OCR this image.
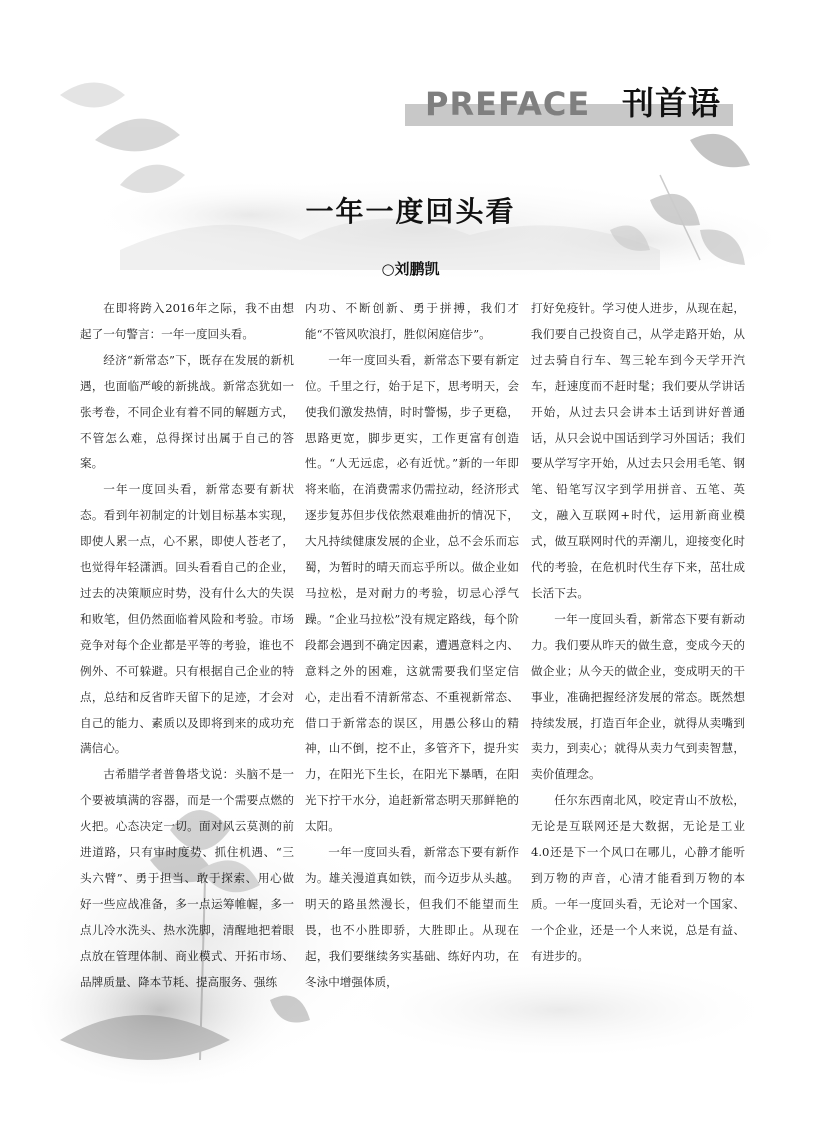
PREFACE 刊首语
一年一度回头看
○刘鹏凯

在即将跨入2016年之际，我不由想起了一句警言：一年一度回头看。

经济“新常态”下，既存在发展的新机遇，也面临严峻的新挑战。新常态犹如一张考卷，不同企业有着不同的解题方式，不管怎么难，总得探讨出属于自己的答案。

一年一度回头看，新常态要有新状态。看到年初制定的计划目标基本实现，即使人累一点，心不累，即使人苍老了，也觉得年轻潇洒。回头看看自己的企业，过去的决策顺应时势，没有什么大的失误和败笔，但仍然面临着风险和考验。市场竞争对每个企业都是平等的考验，谁也不例外、不可躲避。只有根据自己企业的特点，总结和反省昨天留下的足迹，才会对自己的能力、素质以及即将到来的成功充满信心。

古希腊学者普鲁塔戈说：头脑不是一个要被填满的容器，而是一个需要点燃的火把。心态决定一切。面对风云莫测的前进道路，只有审时度势、抓住机遇、“三头六臂”、勇于担当、敢于探索、用心做好一些应战准备，多一点运筹帷幄，多一点儿冷水洗头、热水洗脚，清醒地把着眼点放在管理体制、商业模式、开拓市场、品牌质量、降本节耗、提高服务、强练

内功、不断创新、勇于拼搏，我们才能“不管风吹浪打，胜似闲庭信步”。

一年一度回头看，新常态下要有新定位。千里之行，始于足下，思考明天，会使我们激发热情，时时警惕，步子更稳，思路更宽，脚步更实，工作更富有创造性。“人无远虑，必有近忧。”新的一年即将来临，在消费需求仍需拉动，经济形式逐步复苏但步伐依然艰难曲折的情况下，大凡持续健康发展的企业，总不会乐而忘蜀，为暂时的晴天而忘乎所以。做企业如马拉松，是对耐力的考验，切忌心浮气躁。“企业马拉松”没有规定路线，每个阶段都会遇到不确定因素，遭遇意料之内、意料之外的困难，这就需要我们坚定信心，走出看不清新常态、不重视新常态、借口于新常态的误区，用愚公移山的精神，山不倒，挖不止，多管齐下，提升实力，在阳光下生长，在阳光下暴晒，在阳光下拧干水分，追赶新常态明天那鲜艳的太阳。

一年一度回头看，新常态下要有新作为。雄关漫道真如铁，而今迈步从头越。明天的路虽然漫长，但我们不能望而生畏，也不小胜即骄，大胜即止。从现在起，我们要继续务实基础、练好内功，在冬泳中增强体质，

打好免疫针。学习使人进步，从现在起，我们要自己投资自己，从学走路开始，从过去骑自行车、驾三轮车到今天学开汽车，赶速度而不赶时髦；我们要从学讲话开始，从过去只会讲本土话到讲好普通话，从只会说中国话到学习外国话；我们要从学写字开始，从过去只会用毛笔、钢笔、铅笔写汉字到学用拼音、五笔、英文，融入互联网+时代，运用新商业模式，做互联网时代的弄潮儿，迎接变化时代的考验，在危机时代生存下来，茁壮成长活下去。

一年一度回头看，新常态下要有新动力。我们要从昨天的做生意，变成今天的做企业；从今天的做企业，变成明天的干事业，准确把握经济发展的常态。既然想持续发展，打造百年企业，就得从卖嘴到卖力，到卖心；就得从卖力气到卖智慧，卖价值理念。

任尔东西南北风，咬定青山不放松，无论是互联网还是大数据，无论是工业4.0还是下一个风口在哪儿，心静才能听到万物的声音，心清才能看到万物的本质。一年一度回头看，无论对一个国家、一个企业，还是一个人来说，总是有益、有进步的。
